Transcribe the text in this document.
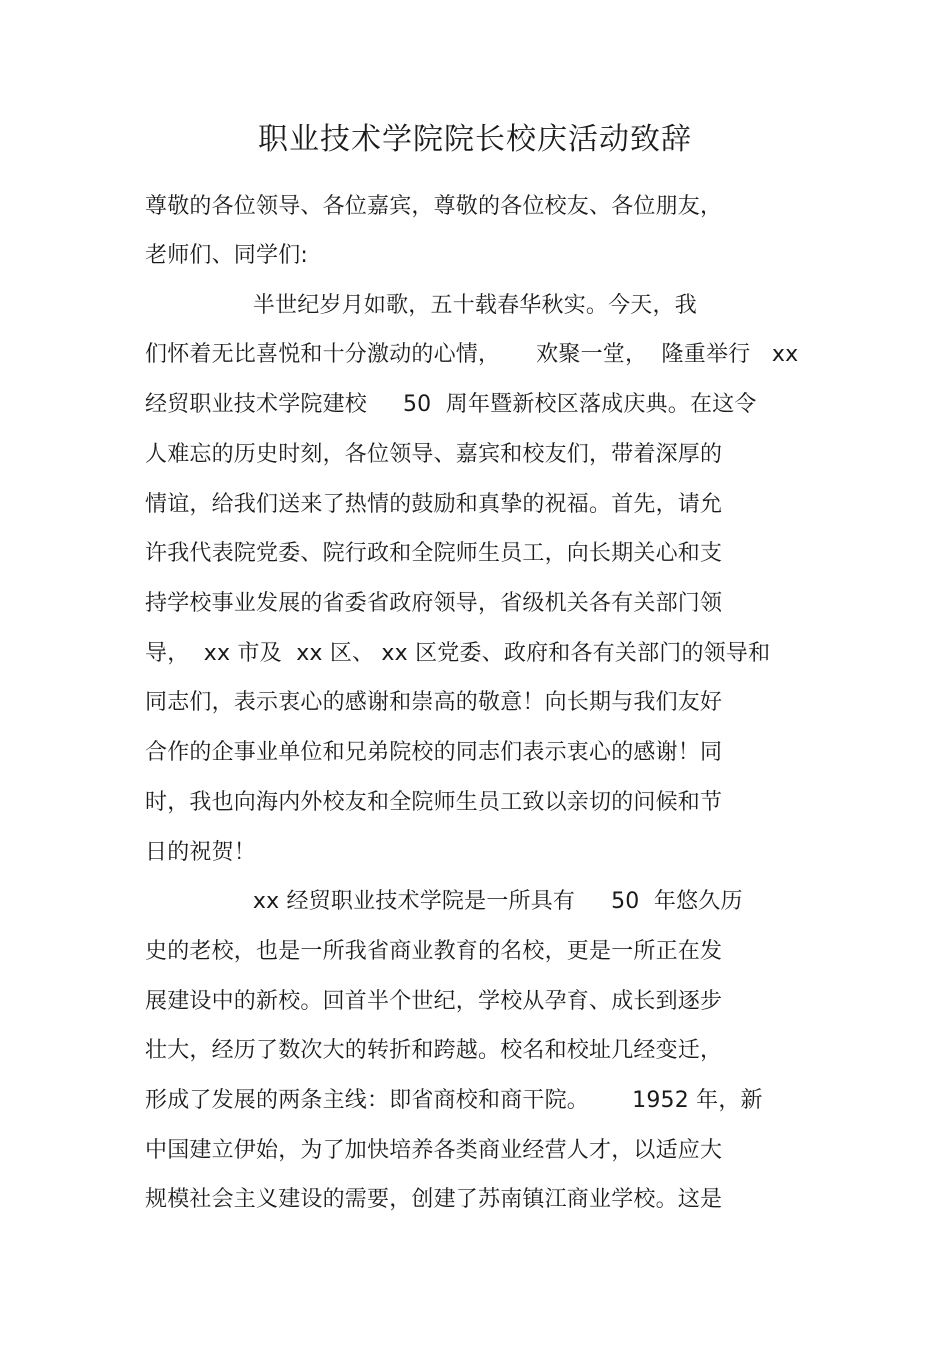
职业技术学院院长校庆活动致辞
尊敬的各位领导、各位嘉宾，尊敬的各位校友、各位朋友，
老师们、同学们:
半世纪岁月如歌，五十载春华秋实。今天，我
们怀着无比喜悦和十分激动的心情，     欢聚一堂，  隆重举行   xx
经贸职业技术学院建校     50  周年暨新校区落成庆典。在这令
人难忘的历史时刻，各位领导、嘉宾和校友们，带着深厚的
情谊，给我们送来了热情的鼓励和真挚的祝福。首先，请允
许我代表院党委、院行政和全院师生员工，向长期关心和支
持学校事业发展的省委省政府领导，省级机关各有关部门领
导，  xx 市及  xx 区、 xx 区党委、政府和各有关部门的领导和
同志们，表示衷心的感谢和崇高的敬意！向长期与我们友好
合作的企事业单位和兄弟院校的同志们表示衷心的感谢！同
时，我也向海内外校友和全院师生员工致以亲切的问候和节
日的祝贺！
xx 经贸职业技术学院是一所具有     50  年悠久历
史的老校，也是一所我省商业教育的名校，更是一所正在发
展建设中的新校。回首半个世纪，学校从孕育、成长到逐步
壮大，经历了数次大的转折和跨越。校名和校址几经变迁，
形成了发展的两条主线：即省商校和商干院。      1952 年，新
中国建立伊始，为了加快培养各类商业经营人才，以适应大
规模社会主义建设的需要，创建了苏南镇江商业学校。这是
